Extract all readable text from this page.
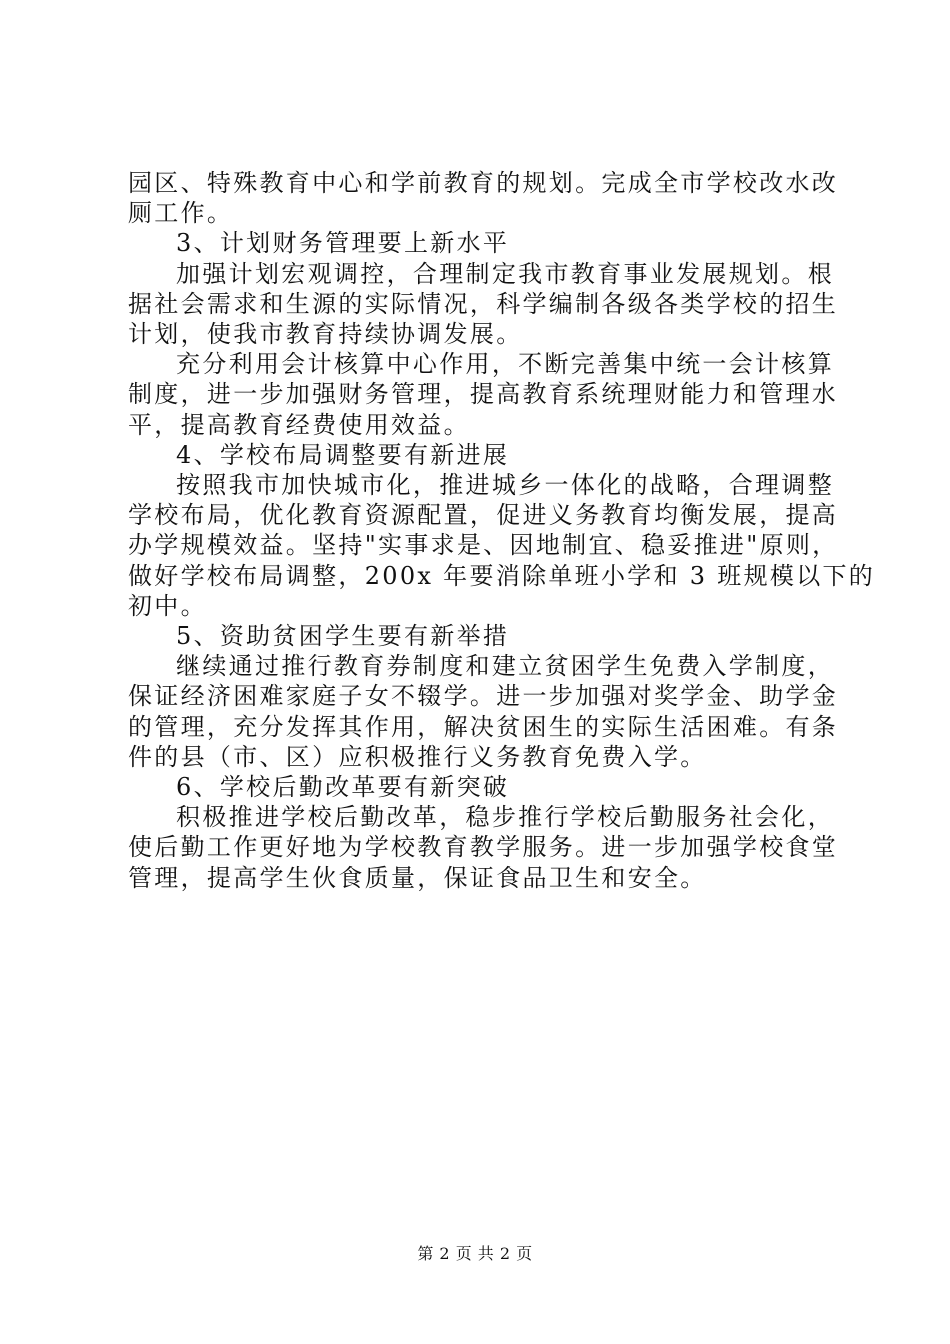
园区、特殊教育中心和学前教育的规划。完成全市学校改水改
厕工作。
3、计划财务管理要上新水平
加强计划宏观调控，合理制定我市教育事业发展规划。根
据社会需求和生源的实际情况，科学编制各级各类学校的招生
计划，使我市教育持续协调发展。
充分利用会计核算中心作用，不断完善集中统一会计核算
制度，进一步加强财务管理，提高教育系统理财能力和管理水
平，提高教育经费使用效益。
4、学校布局调整要有新进展
按照我市加快城市化，推进城乡一体化的战略，合理调整
学校布局，优化教育资源配置，促进义务教育均衡发展，提高
办学规模效益。坚持"实事求是、因地制宜、稳妥推进"原则，
做好学校布局调整，200x 年要消除单班小学和 3 班规模以下的
初中。
5、资助贫困学生要有新举措
继续通过推行教育券制度和建立贫困学生免费入学制度，
保证经济困难家庭子女不辍学。进一步加强对奖学金、助学金
的管理，充分发挥其作用，解决贫困生的实际生活困难。有条
件的县（市、区）应积极推行义务教育免费入学。
6、学校后勤改革要有新突破
积极推进学校后勤改革，稳步推行学校后勤服务社会化，
使后勤工作更好地为学校教育教学服务。进一步加强学校食堂
管理，提高学生伙食质量，保证食品卫生和安全。
第 2 页 共 2 页
